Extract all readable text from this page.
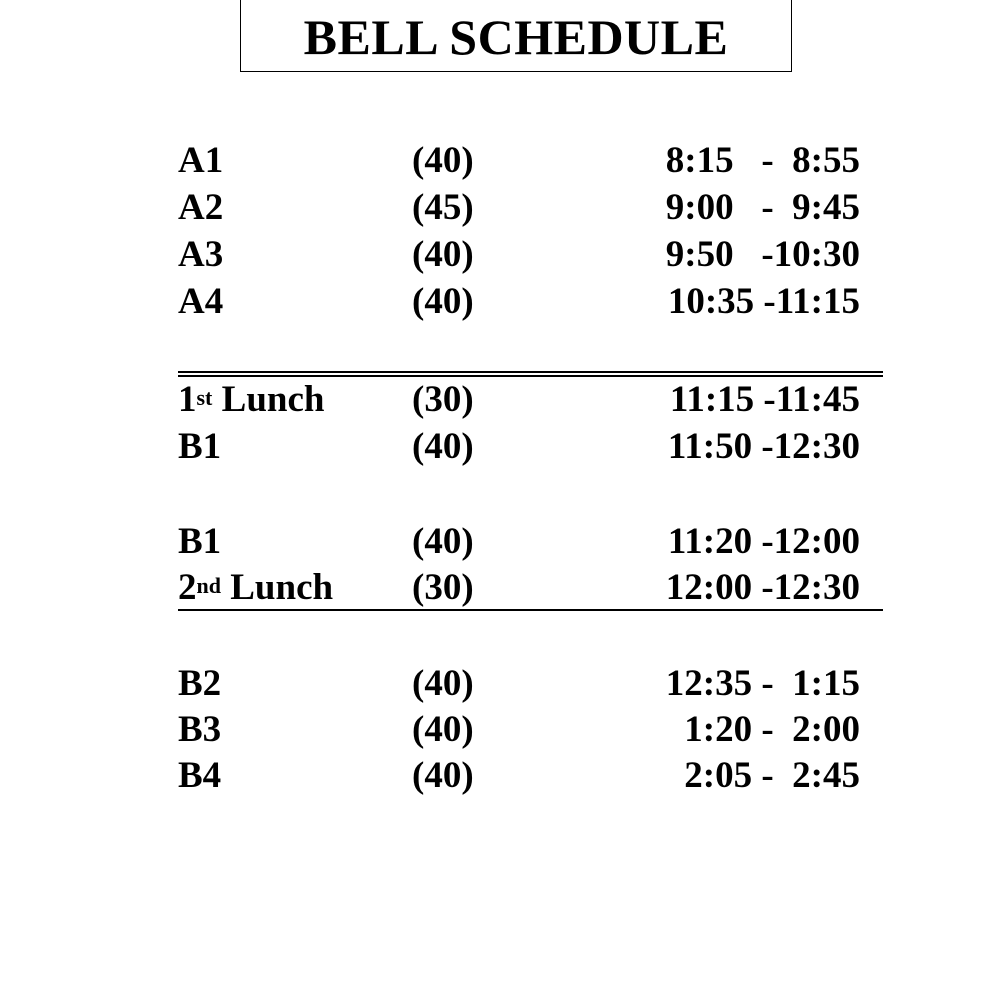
BELL SCHEDULE
A1	(40)	8:15   -  8:55
A2	(45)	9:00   -  9:45
A3	(40)	9:50   -10:30
A4	(40)	10:35 -11:15
1st Lunch (30)	11:15 -11:45
B1	(40)	11:50 -12:30
B1	(40)	11:20 -12:00
2nd Lunch (30)	12:00 -12:30
B2	(40)	12:35 -  1:15
B3	(40)	1:20 -  2:00
B4	(40)	2:05 -  2:45
